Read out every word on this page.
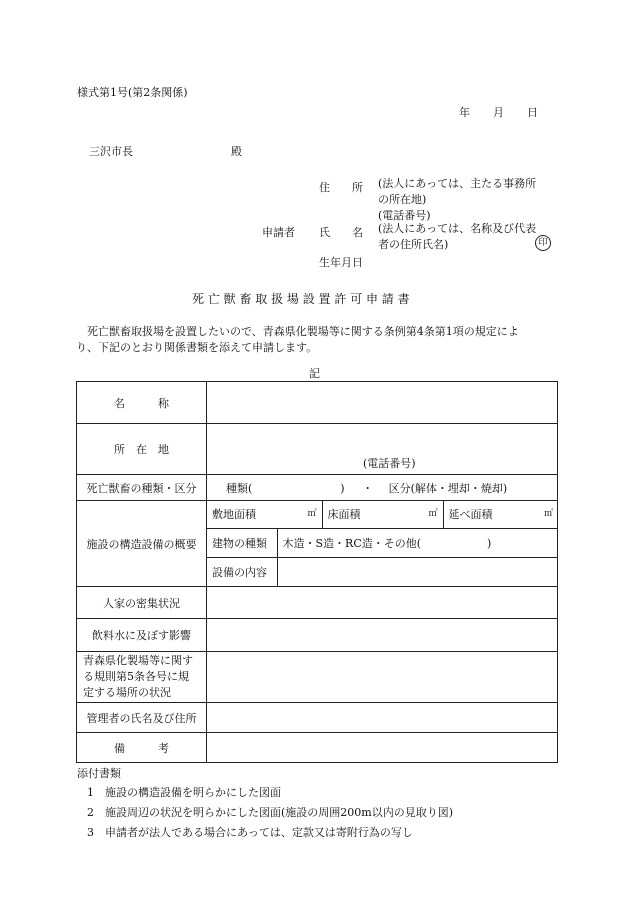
様式第1号(第2条関係)
年 月 日
三沢市長	殿
住　　所 (法人にあっては、主たる事務所
の所在地)
(電話番号)
申請者 氏　　名 (法人にあっては、名称及び代表
者の住所氏名)	印
生年月日
死 亡 獣 畜 取 扱 場 設 置 許 可 申 請 書
　死亡獣畜取扱場を設置したいので、青森県化製場等に関する条例第4条第1項の規定によ
り、下記のとおり関係書類を添えて申請します。
記
名　　　称	
所　在　地	(電話番号)
死亡獣畜の種類・区分	種類(　　　　　　　　) ・ 区分(解体・埋却・焼却)
施設の構造設備の概要	
敷地面積	㎡	床面積	㎡	延べ面積	㎡

建物の種類	木造・S造・RC造・その他(　　　　　　)
設備の内容	

人家の密集状況	
飲料水に及ぼす影響	

青森県化製場等に関す
る規則第5条各号に規
定する場所の状況

管理者の氏名及び住所	
備　　　考	
添付書類
1　施設の構造設備を明らかにした図面
2　施設周辺の状況を明らかにした図面(施設の周囲200m以内の見取り図)
3　申請者が法人である場合にあっては、定款又は寄附行為の写し
